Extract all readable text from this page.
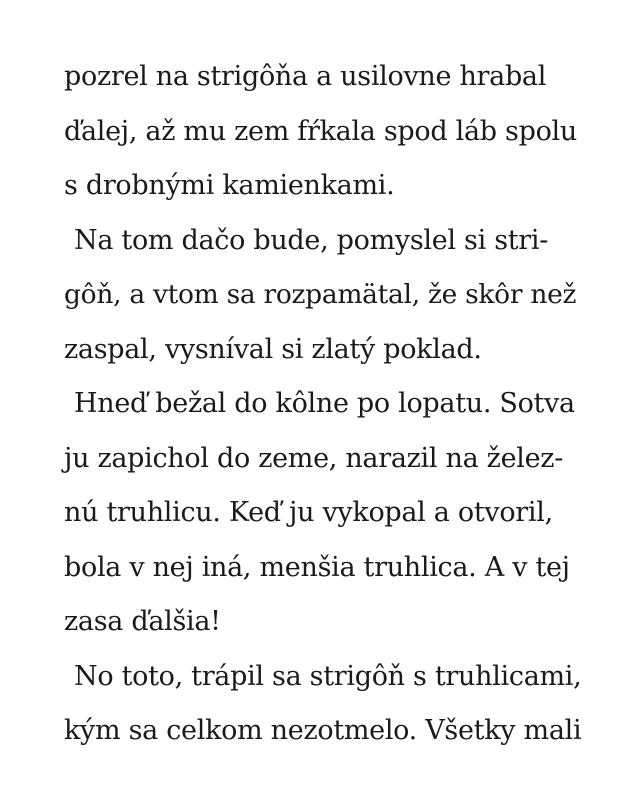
pozrel na strigôňa a usilovne hrabal
ďalej, až mu zem fŕkala spod láb spolu
s drobnými kamienkami.
Na tom dačo bude, pomyslel si stri-
gôň, a vtom sa rozpamätal, že skôr než
zaspal, vysníval si zlatý poklad.
Hneď bežal do kôlne po lopatu. Sotva
ju zapichol do zeme, narazil na želez-
nú truhlicu. Keď ju vykopal a otvoril,
bola v nej iná, menšia truhlica. A v tej
zasa ďalšia!
No toto, trápil sa strigôň s truhlicami,
kým sa celkom nezotmelo. Všetky mali
